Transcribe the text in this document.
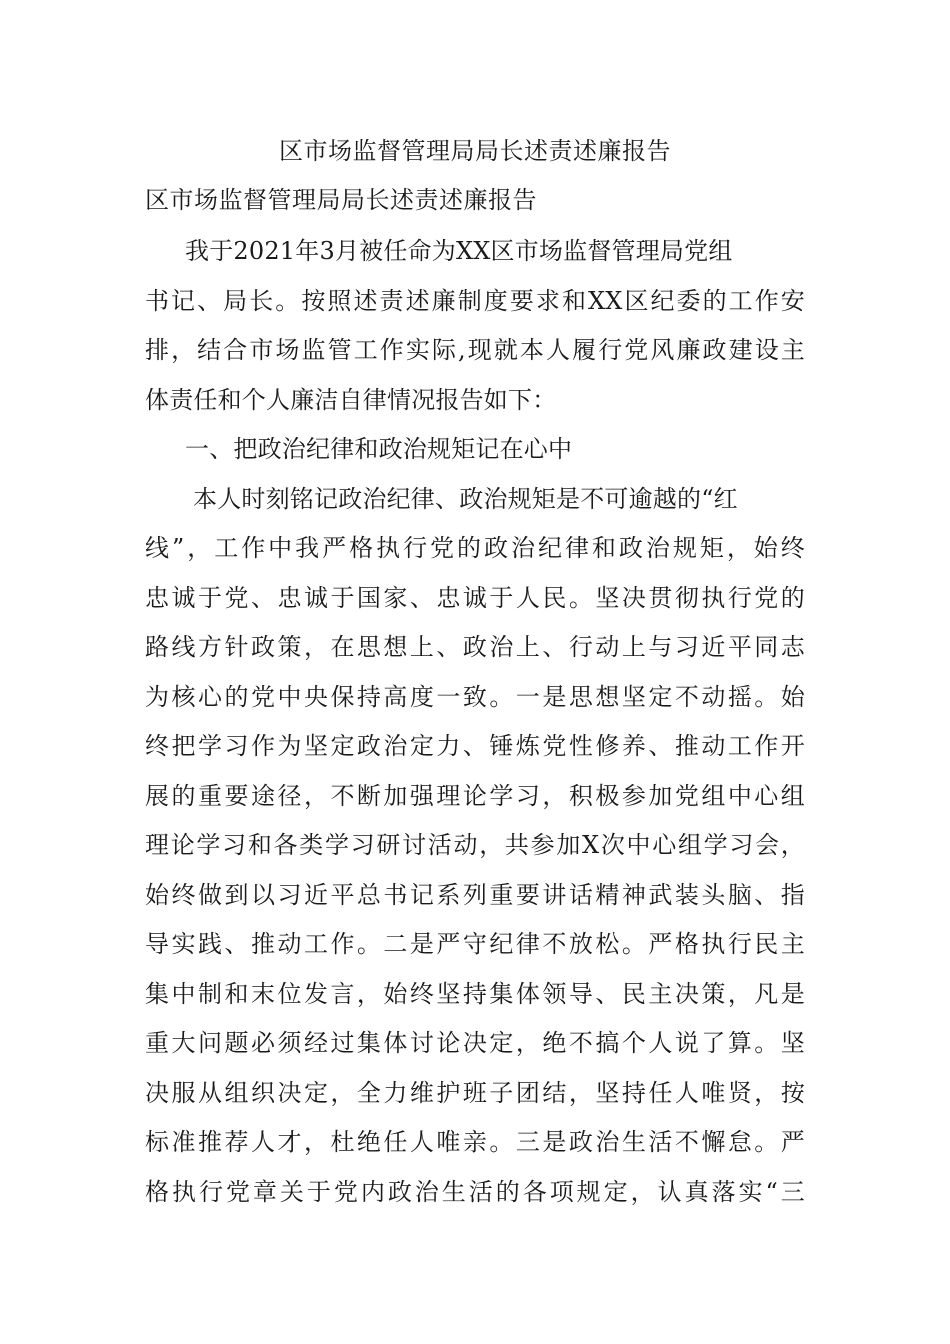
区市场监督管理局局长述责述廉报告
区市场监督管理局局长述责述廉报告
我于2021年3月被任命为XX区市场监督管理局党组
书记、局长。按照述责述廉制度要求和XX区纪委的工作安
排，结合市场监管工作实际,现就本人履行党风廉政建设主
体责任和个人廉洁自律情况报告如下：
一、把政治纪律和政治规矩记在心中
本人时刻铭记政治纪律、政治规矩是不可逾越的“红
线”，工作中我严格执行党的政治纪律和政治规矩，始终
忠诚于党、忠诚于国家、忠诚于人民。坚决贯彻执行党的
路线方针政策，在思想上、政治上、行动上与习近平同志
为核心的党中央保持高度一致。一是思想坚定不动摇。始
终把学习作为坚定政治定力、锤炼党性修养、推动工作开
展的重要途径，不断加强理论学习，积极参加党组中心组
理论学习和各类学习研讨活动，共参加X次中心组学习会，
始终做到以习近平总书记系列重要讲话精神武装头脑、指
导实践、推动工作。二是严守纪律不放松。严格执行民主
集中制和末位发言，始终坚持集体领导、民主决策，凡是
重大问题必须经过集体讨论决定，绝不搞个人说了算。坚
决服从组织决定，全力维护班子团结，坚持任人唯贤，按
标准推荐人才，杜绝任人唯亲。三是政治生活不懈怠。严
格执行党章关于党内政治生活的各项规定，认真落实“三
